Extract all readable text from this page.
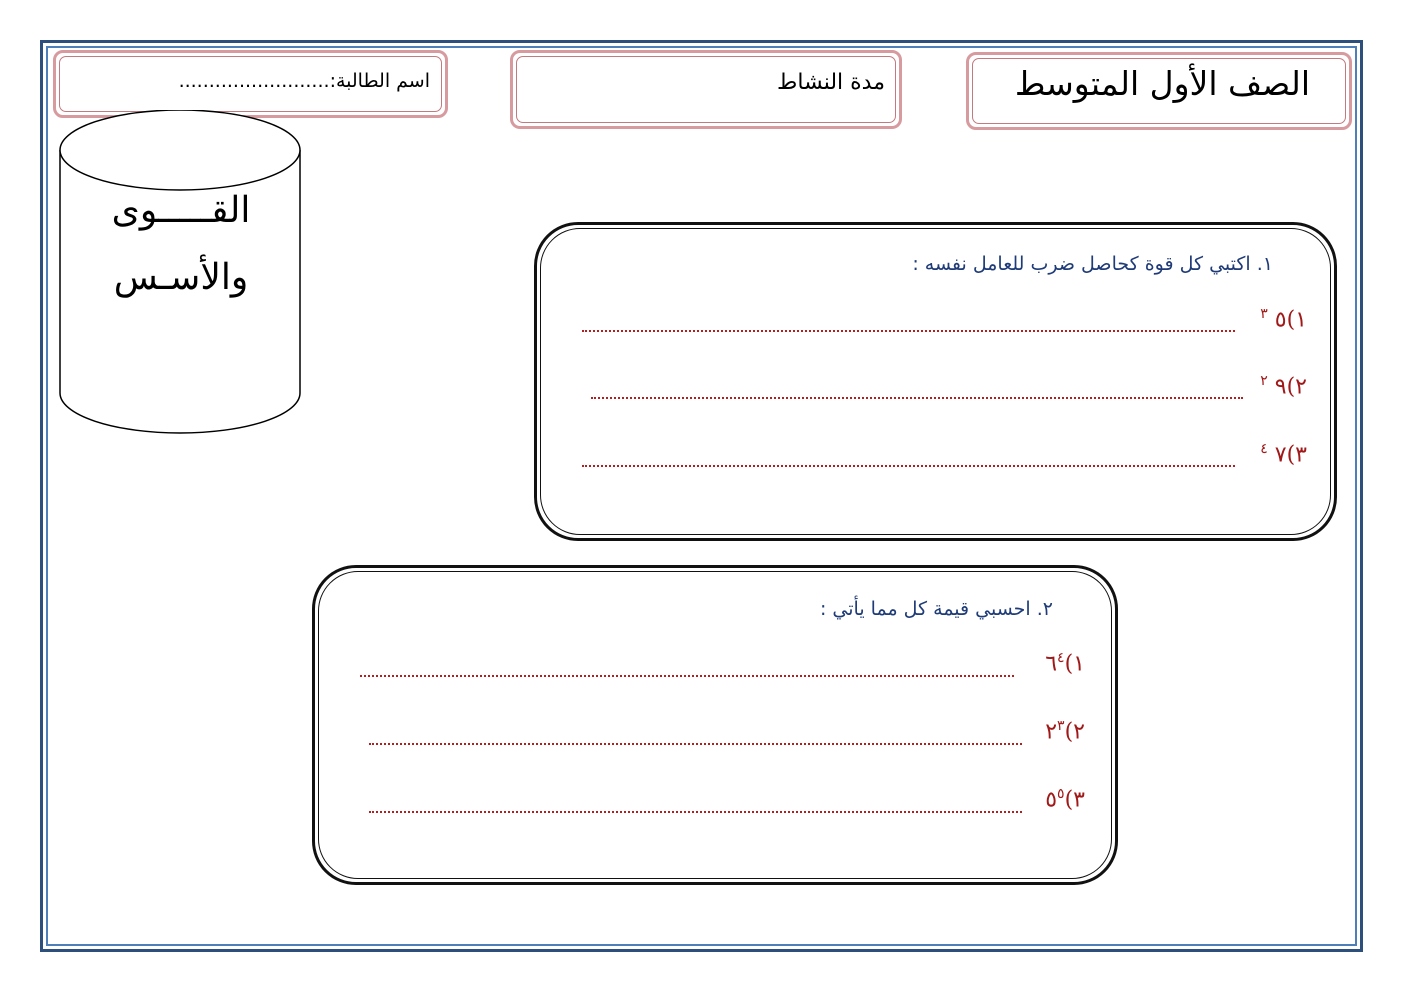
الصف الأول المتوسط
مدة النشاط
اسم الطالبة:.........................
القـــــوى
والأسـس	١. اكتبي كل قوة كحاصل ضرب للعامل نفسه :
١)٥ $^٣$
٢)٩ $^٢$
٣)٧ $^٤$
٢. احسبي قيمة كل مما يأتي :
$١)٦^٤$
$٢)٢^٣$
$٣)٥^٥$
